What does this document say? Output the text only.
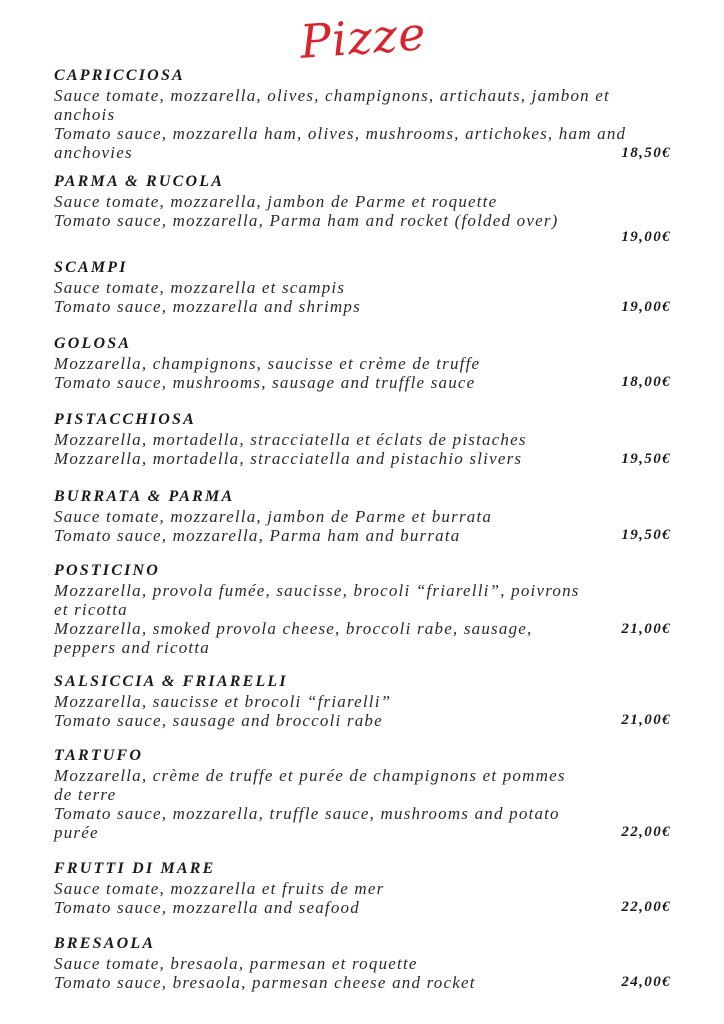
Pizze
CAPRICCIOSA
Sauce tomate, mozzarella, olives, champignons, artichauts, jambon et anchois
Tomato sauce, mozzarella ham, olives, mushrooms, artichokes, ham and anchovies	18,50€
PARMA & RUCOLA
Sauce tomate, mozzarella, jambon de Parme et roquette
Tomato sauce, mozzarella, Parma ham and rocket (folded over)
19,00€
SCAMPI
Sauce tomate, mozzarella et scampis
Tomato sauce, mozzarella and shrimps	19,00€
GOLOSA
Mozzarella, champignons, saucisse et crème de truffe
Tomato sauce, mushrooms, sausage and truffle sauce	18,00€
PISTACCHIOSA
Mozzarella, mortadella, stracciatella et éclats de pistaches
Mozzarella, mortadella, stracciatella and pistachio slivers	19,50€
BURRATA & PARMA
Sauce tomate, mozzarella, jambon de Parme et burrata
Tomato sauce, mozzarella, Parma ham and burrata	19,50€
POSTICINO
Mozzarella, provola fumée, saucisse, brocoli “friarelli”, poivrons et ricotta
Mozzarella, smoked provola cheese, broccoli rabe, sausage, peppers and ricotta
21,00€
SALSICCIA & FRIARELLI
Mozzarella, saucisse et brocoli “friarelli”
Tomato sauce, sausage and broccoli rabe	21,00€
TARTUFO
Mozzarella, crème de truffe et purée de champignons et pommes de terre
Tomato sauce, mozzarella, truffle sauce, mushrooms and potato purée	22,00€
FRUTTI DI MARE
Sauce tomate, mozzarella et fruits de mer
Tomato sauce, mozzarella and seafood	22,00€
BRESAOLA
Sauce tomate, bresaola, parmesan et roquette
Tomato sauce, bresaola, parmesan cheese and rocket	24,00€
